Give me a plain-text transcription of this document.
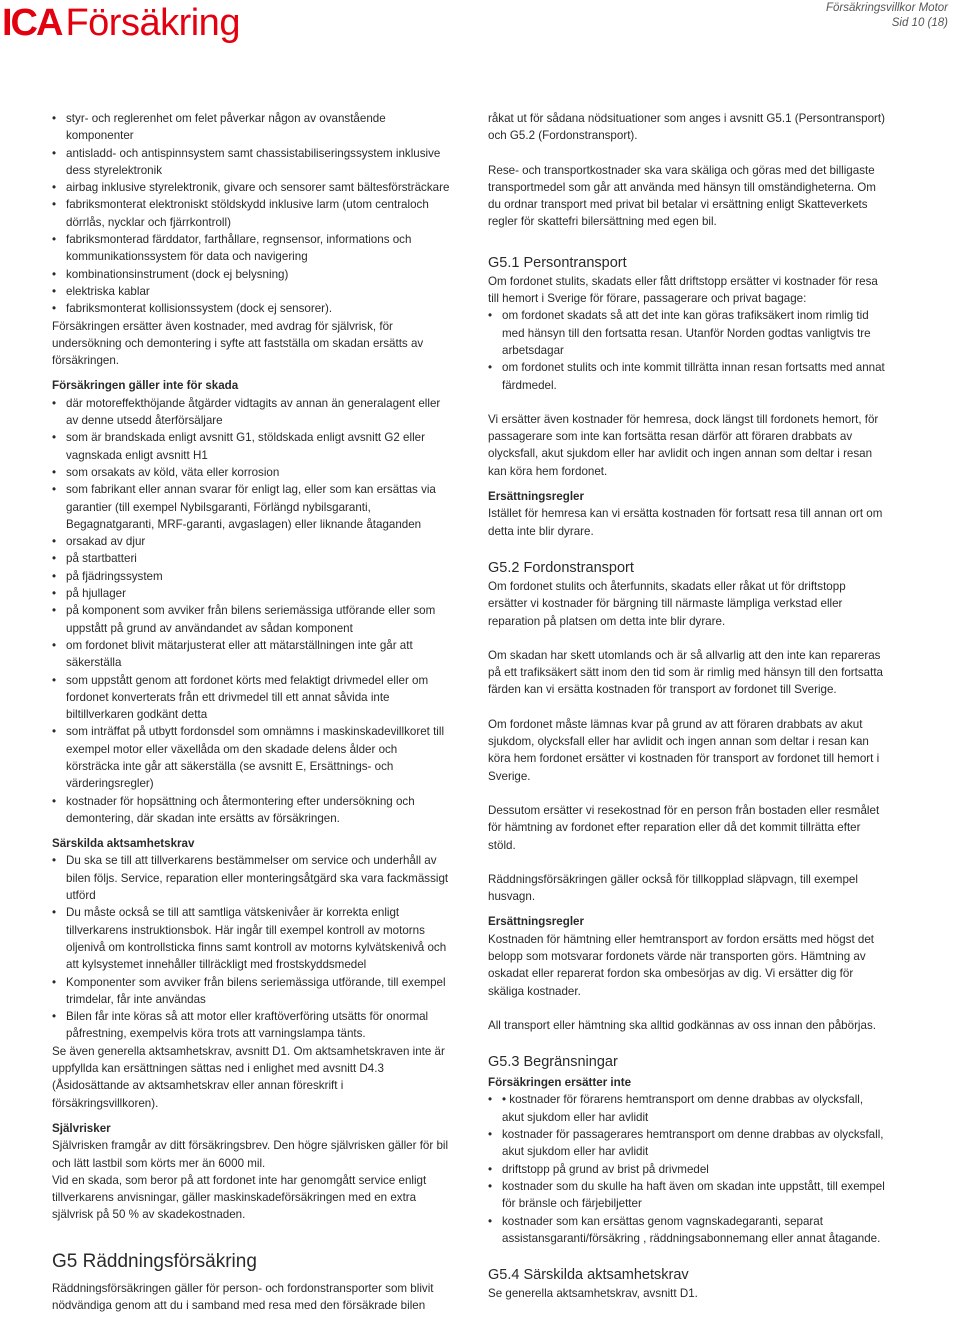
ICA Försäkring	Försäkringsvillkor Motor
Sid 10 (18)
• styr- och reglerenhet om felet påverkar någon av ovanstående komponenter
• antisladd- och antispinnsystem samt chassistabiliseringssystem inklusive dess styrelektronik
• airbag inklusive styrelektronik, givare och sensorer samt bältesförsträckare
• fabriksmonterat elektroniskt stöldskydd inklusive larm (utom centraloch dörrlås, nycklar och fjärrkontroll)
• fabriksmonterad färddator, farthållare, regnsensor, informations och kommunikationssystem för data och navigering
• kombinationsinstrument (dock ej belysning)
• elektriska kablar
• fabriksmonterat kollisionssystem (dock ej sensorer).

Försäkringen ersätter även kostnader, med avdrag för självrisk, för undersökning och demontering i syfte att fastställa om skadan ersätts av försäkringen.

Försäkringen gäller inte för skada

• där motoreffekthöjande åtgärder vidtagits av annan än generalagent eller av denne utsedd återförsäljare
• som är brandskada enligt avsnitt G1, stöldskada enligt avsnitt G2 eller vagnskada enligt avsnitt H1
• som orsakats av köld, väta eller korrosion
• som fabrikant eller annan svarar för enligt lag, eller som kan ersättas via garantier (till exempel Nybilsgaranti, Förlängd nybilsgaranti, Begagnatgaranti, MRF-garanti, avgaslagen) eller liknande åtaganden
• orsakad av djur
• på startbatteri
• på fjädringssystem
• på hjullager
• på komponent som avviker från bilens seriemässiga utförande eller som uppstått på grund av användandet av sådan komponent
• om fordonet blivit mätarjusterat eller att mätarställningen inte går att säkerställa
• som uppstått genom att fordonet körts med felaktigt drivmedel eller om fordonet konverterats från ett drivmedel till ett annat såvida inte biltillverkaren godkänt detta
• som inträffat på utbytt fordonsdel som omnämns i maskinskadevillkoret till exempel motor eller växellåda om den skadade delens ålder och körsträcka inte går att säkerställa (se avsnitt E, Ersättnings- och värderingsregler)
• kostnader för hopsättning och återmontering efter undersökning och demontering, där skadan inte ersätts av försäkringen.

Särskilda aktsamhetskrav

• Du ska se till att tillverkarens bestämmelser om service och underhåll av bilen följs. Service, reparation eller monteringsåtgärd ska vara fackmässigt utförd
• Du måste också se till att samtliga vätskenivåer är korrekta enligt tillverkarens instruktionsbok. Här ingår till exempel kontroll av motorns oljenivå om kontrollsticka finns samt kontroll av motorns kylvätskenivå och att kylsystemet innehåller tillräckligt med frostskyddsmedel
• Komponenter som avviker från bilens seriemässiga utförande, till exempel trimdelar, får inte användas
• Bilen får inte köras så att motor eller kraftöverföring utsätts för onormal påfrestning, exempelvis köra trots att varningslampa tänts.

Se även generella aktsamhetskrav, avsnitt D1. Om aktsamhetskraven inte är uppfyllda kan ersättningen sättas ned i enlighet med avsnitt D4.3 (Åsidosättande av aktsamhetskrav eller annan föreskrift i försäkringsvillkoren).

Självrisker

Självrisken framgår av ditt försäkringsbrev. Den högre självrisken gäller för bil och lätt lastbil som körts mer än 6000 mil.

Vid en skada, som beror på att fordonet inte har genomgått service enligt tillverkarens anvisningar, gäller maskinskadeförsäkringen med en extra självrisk på 50 % av skadekostnaden.

G5 Räddningsförsäkring

Räddningsförsäkringen gäller för person- och fordonstransporter som blivit nödvändiga genom att du i samband med resa med den försäkrade bilen

råkat ut för sådana nödsituationer som anges i avsnitt G5.1 (Persontransport) och G5.2 (Fordonstransport).

Rese- och transportkostnader ska vara skäliga och göras med det billigaste transportmedel som går att använda med hänsyn till omständigheterna. Om du ordnar transport med privat bil betalar vi ersättning enligt Skatteverkets regler för skattefri bilersättning med egen bil.

G5.1 Persontransport

Om fordonet stulits, skadats eller fått driftstopp ersätter vi kostnader för resa till hemort i Sverige för förare, passagerare och privat bagage:

• om fordonet skadats så att det inte kan göras trafiksäkert inom rimlig tid med hänsyn till den fortsatta resan. Utanför Norden godtas vanligtvis tre arbetsdagar
• om fordonet stulits och inte kommit tillrätta innan resan fortsatts med annat färdmedel.

Vi ersätter även kostnader för hemresa, dock längst till fordonets hemort, för passagerare som inte kan fortsätta resan därför att föraren drabbats av olycksfall, akut sjukdom eller har avlidit och ingen annan som deltar i resan kan köra hem fordonet.

Ersättningsregler

Istället för hemresa kan vi ersätta kostnaden för fortsatt resa till annan ort om detta inte blir dyrare.

G5.2 Fordonstransport

Om fordonet stulits och återfunnits, skadats eller råkat ut för driftstopp ersätter vi kostnader för bärgning till närmaste lämpliga verkstad eller reparation på platsen om detta inte blir dyrare.

Om skadan har skett utomlands och är så allvarlig att den inte kan repareras på ett trafiksäkert sätt inom den tid som är rimlig med hänsyn till den fortsatta färden kan vi ersätta kostnaden för transport av fordonet till Sverige.

Om fordonet måste lämnas kvar på grund av att föraren drabbats av akut sjukdom, olycksfall eller har avlidit och ingen annan som deltar i resan kan köra hem fordonet ersätter vi kostnaden för transport av fordonet till hemort i Sverige.

Dessutom ersätter vi resekostnad för en person från bostaden eller resmålet för hämtning av fordonet efter reparation eller då det kommit tillrätta efter stöld.

Räddningsförsäkringen gäller också för tillkopplad släpvagn, till exempel husvagn.

Ersättningsregler

Kostnaden för hämtning eller hemtransport av fordon ersätts med högst det belopp som motsvarar fordonets värde när transporten görs. Hämtning av oskadat eller reparerat fordon ska ombesörjas av dig. Vi ersätter dig för skäliga kostnader.

All transport eller hämtning ska alltid godkännas av oss innan den påbörjas.

G5.3 Begränsningar

Försäkringen ersätter inte

• • kostnader för förarens hemtransport om denne drabbas av olycksfall, akut sjukdom eller har avlidit
• kostnader för passagerares hemtransport om denne drabbas av olycksfall, akut sjukdom eller har avlidit
• driftstopp på grund av brist på drivmedel
• kostnader som du skulle ha haft även om skadan inte uppstått, till exempel för bränsle och färjebiljetter
• kostnader som kan ersättas genom vagnskadegaranti, separat assistansgaranti/försäkring , räddningsabonnemang eller annat åtagande.

G5.4 Särskilda aktsamhetskrav

Se generella aktsamhetskrav, avsnitt D1.
